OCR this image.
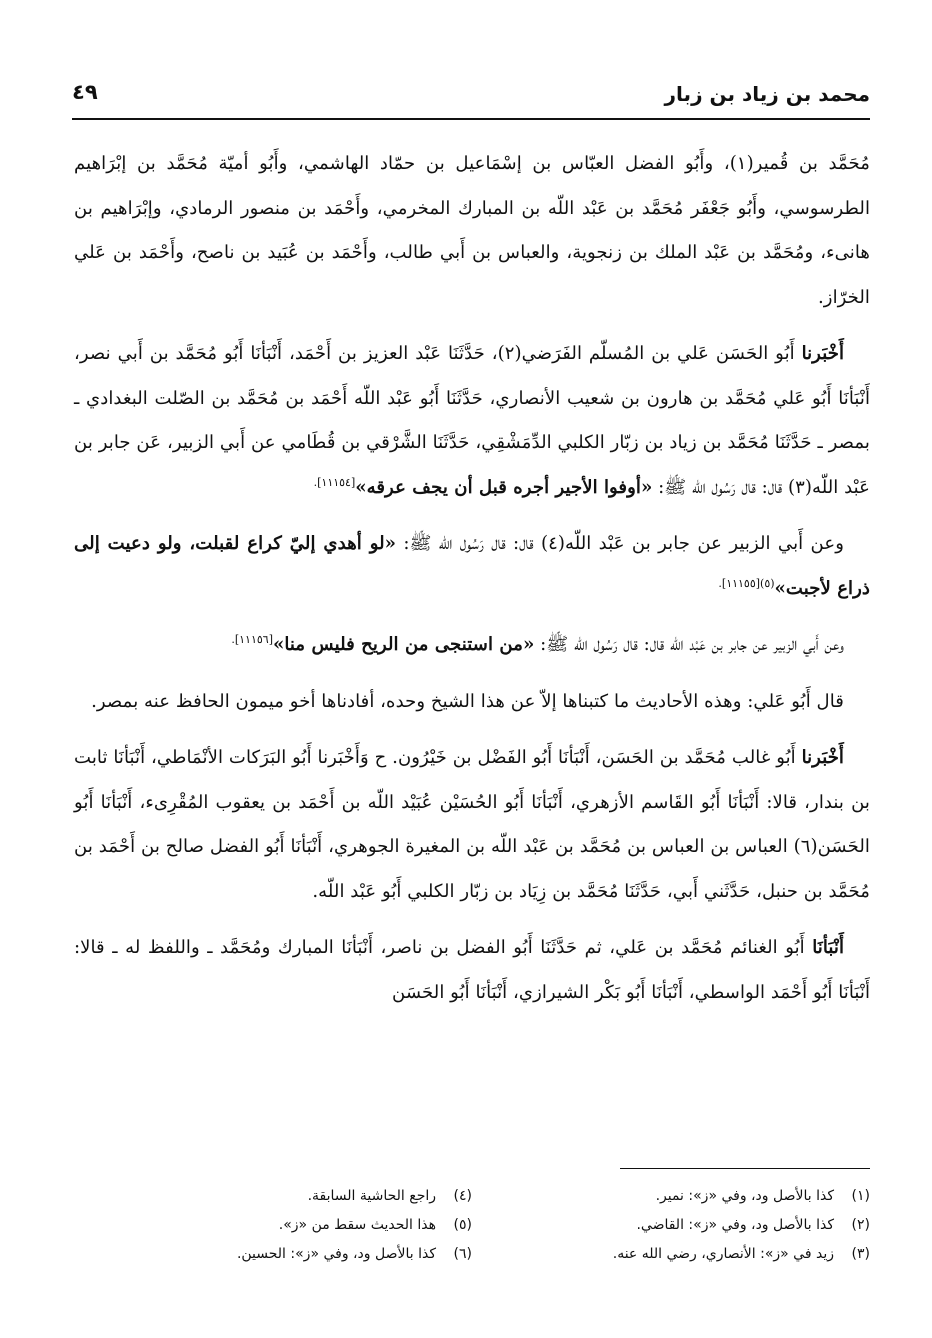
محمد بن زياد بن زبار
٤٩

مُحَمَّد بن قُمير(١)، وأَبُو الفضل العبّاس بن إسْمَاعيل بن حمّاد الهاشمي، وأَبُو أميّة مُحَمَّد بن إبْرَاهيم الطرسوسي، وأَبُو جَعْفَر مُحَمَّد بن عَبْد اللّه بن المبارك المخرمي، وأَحْمَد بن منصور الرمادي، وإبْرَاهيم بن هانىء، ومُحَمَّد بن عَبْد الملك بن زنجوية، والعباس بن أَبي طالب، وأَحْمَد بن عُبَيد بن ناصح، وأَحْمَد بن عَلي الخرّاز.

أَخْبَرنا أَبُو الحَسَن عَلي بن المُسلّم الفَرَضي(٢)، حَدَّثَنَا عَبْد العزيز بن أَحْمَد، أَنْبَأنَا أَبُو مُحَمَّد بن أَبي نصر، أَنْبَأنَا أَبُو عَلي مُحَمَّد بن هارون بن شعيب الأنصاري، حَدَّثَنَا أَبُو عَبْد اللّه أَحْمَد بن مُحَمَّد بن الصّلت البغدادي ـ بمصر ـ حَدَّثَنَا مُحَمَّد بن زياد بن زبّار الكلبي الدِّمَشْقِي، حَدَّثَنَا الشَّرْقي بن قُطَامي عن أَبي الزبير، عَن جابر بن عَبْد اللّه(٣) قال: قال رَسُول الله ﷺ: «أوفوا الأجير أجره قبل أن يجف عرقه»$^{[١١١٥٤].}$

وعن أَبي الزبير عن جابر بن عَبْد اللّه(٤) قال: قال رَسُول الله ﷺ: «لو أهدي إليّ كراع لقبلت، ولو دعيت إلى ذراع لأجبت»$^{(٥)[١١١٥٥].}$

وعن أَبي الزبير عن جابر بن عَبْد اللّه قال: قال رَسُول الله ﷺ: «من استنجى من الريح فليس منا»$^{[١١١٥٦].}$

قال أَبُو عَلي: وهذه الأحاديث ما كتبناها إلاّ عن هذا الشيخ وحده، أفادناها أخو ميمون الحافظ عنه بمصر.

أَخْبَرنا أَبُو غالب مُحَمَّد بن الحَسَن، أَنْبَأنَا أَبُو الفَضْل بن خَيْرُون. ح وَأَخْبَرنا أَبُو البَرَكات الأنْمَاطي، أَنْبَأنَا ثابت بن بندار، قالا: أَنْبَأنَا أَبُو القَاسم الأزهري، أَنْبَأنَا أَبُو الحُسَيْن عُبَيْد اللّه بن أَحْمَد بن يعقوب المُقْرِىء، أَنْبَأنَا أَبُو الحَسَن(٦) العباس بن العباس بن مُحَمَّد بن عَبْد اللّه بن المغيرة الجوهري، أَنْبَأنَا أَبُو الفضل صالح بن أَحْمَد بن مُحَمَّد بن حنبل، حَدَّثَني أَبي، حَدَّثَنَا مُحَمَّد بن زِيَاد بن زبّار الكلبي أَبُو عَبْد اللّه.

أَنْبَأنَا أَبُو الغنائم مُحَمَّد بن عَلي، ثم حَدَّثَنَا أَبُو الفضل بن ناصر، أَنْبَأنَا المبارك ومُحَمَّد ـ واللفظ له ـ قالا: أَنْبَأنَا أَبُو أَحْمَد الواسطي، أَنْبَأنَا أَبُو بَكْر الشيرازي، أَنْبَأنَا أَبُو الحَسَن

(١)كذا بالأصل ود، وفي «ز»: نمير.
(٢)كذا بالأصل ود، وفي «ز»: القاضي.
(٣)زيد في «ز»: الأنصاري، رضي الله عنه.
(٤)راجع الحاشية السابقة.
(٥)هذا الحديث سقط من «ز».
(٦)كذا بالأصل ود، وفي «ز»: الحسين.
